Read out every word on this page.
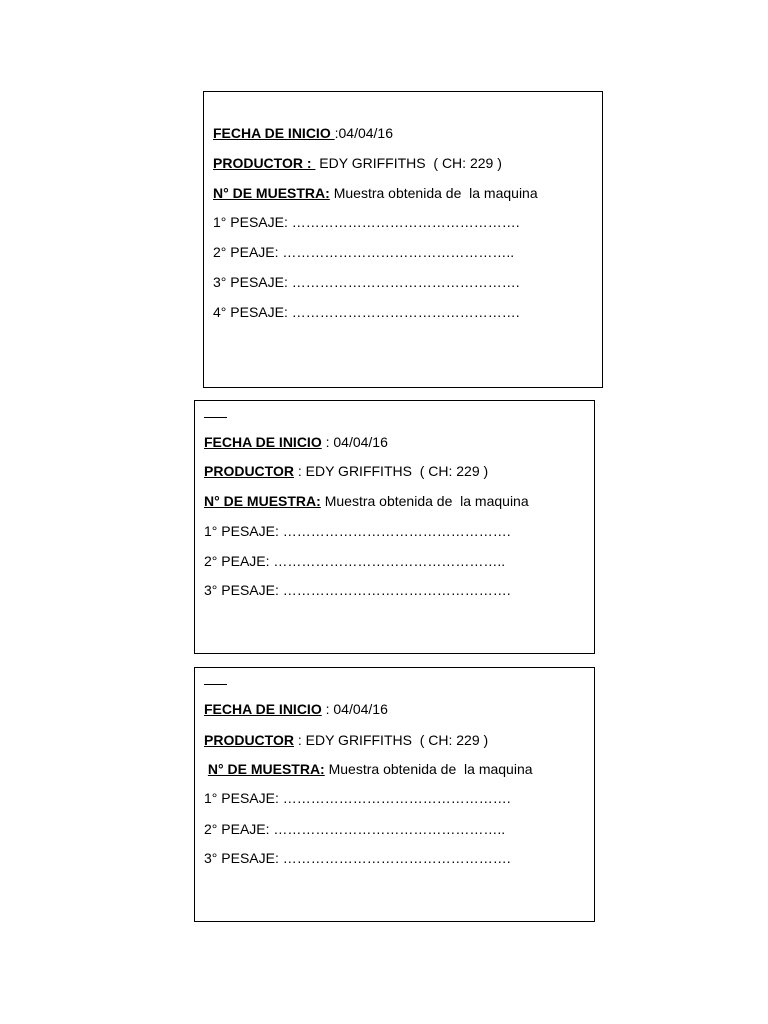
FECHA DE INICIO :04/04/16
PRODUCTOR :  EDY GRIFFITHS  ( CH: 229 )
N° DE MUESTRA: Muestra obtenida de  la maquina
1° PESAJE: ………………………………………….
2° PEAJE: …………………………………………..
3° PESAJE: ………………………………………….
4° PESAJE: ………………………………………….
FECHA DE INICIO : 04/04/16
PRODUCTOR : EDY GRIFFITHS  ( CH: 229 )
N° DE MUESTRA: Muestra obtenida de  la maquina
1° PESAJE: ………………………………………….
2° PEAJE: …………………………………………..
3° PESAJE: ………………………………………….
FECHA DE INICIO : 04/04/16
PRODUCTOR : EDY GRIFFITHS  ( CH: 229 )
N° DE MUESTRA: Muestra obtenida de  la maquina
1° PESAJE: ………………………………………….
2° PEAJE: …………………………………………..
3° PESAJE: ………………………………………….
